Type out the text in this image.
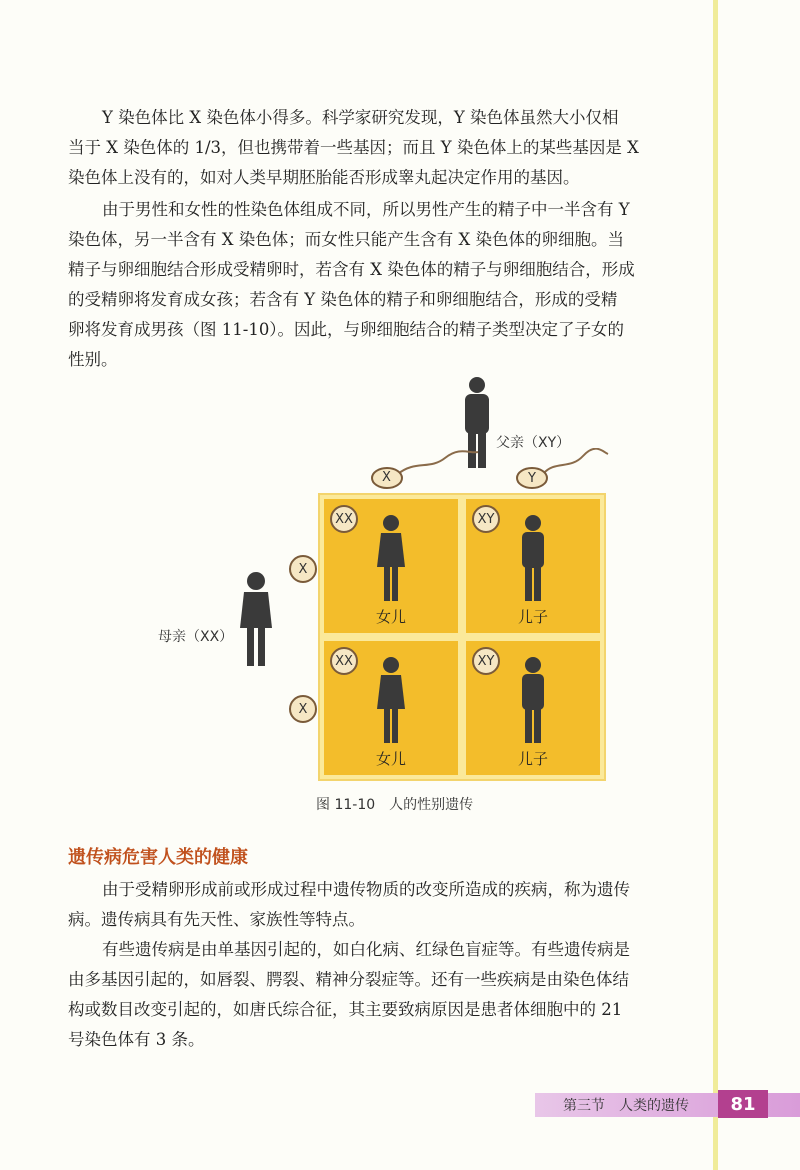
Y 染色体比 X 染色体小得多。科学家研究发现，Y 染色体虽然大小仅相
当于 X 染色体的 1/3，但也携带着一些基因；而且 Y 染色体上的某些基因是 X
染色体上没有的，如对人类早期胚胎能否形成睾丸起决定作用的基因。
由于男性和女性的性染色体组成不同，所以男性产生的精子中一半含有 Y
染色体，另一半含有 X 染色体；而女性只能产生含有 X 染色体的卵细胞。当
精子与卵细胞结合形成受精卵时，若含有 X 染色体的精子与卵细胞结合，形成
的受精卵将发育成女孩；若含有 Y 染色体的精子和卵细胞结合，形成的受精
卵将发育成男孩（图 11-10）。因此，与卵细胞结合的精子类型决定了子女的
性别。
父亲（XY）
X	Y
母亲（XX）
X
X
XX
女儿
XY
儿子
XX
女儿
XY
儿子

图 11-10　人的性别遗传

遗传病危害人类的健康
由于受精卵形成前或形成过程中遗传物质的改变所造成的疾病，称为遗传
病。遗传病具有先天性、家族性等特点。
有些遗传病是由单基因引起的，如白化病、红绿色盲症等。有些遗传病是
由多基因引起的，如唇裂、腭裂、精神分裂症等。还有一些疾病是由染色体结
构或数目改变引起的，如唐氏综合征，其主要致病原因是患者体细胞中的 21
号染色体有 3 条。
第三节　人类的遗传	81
